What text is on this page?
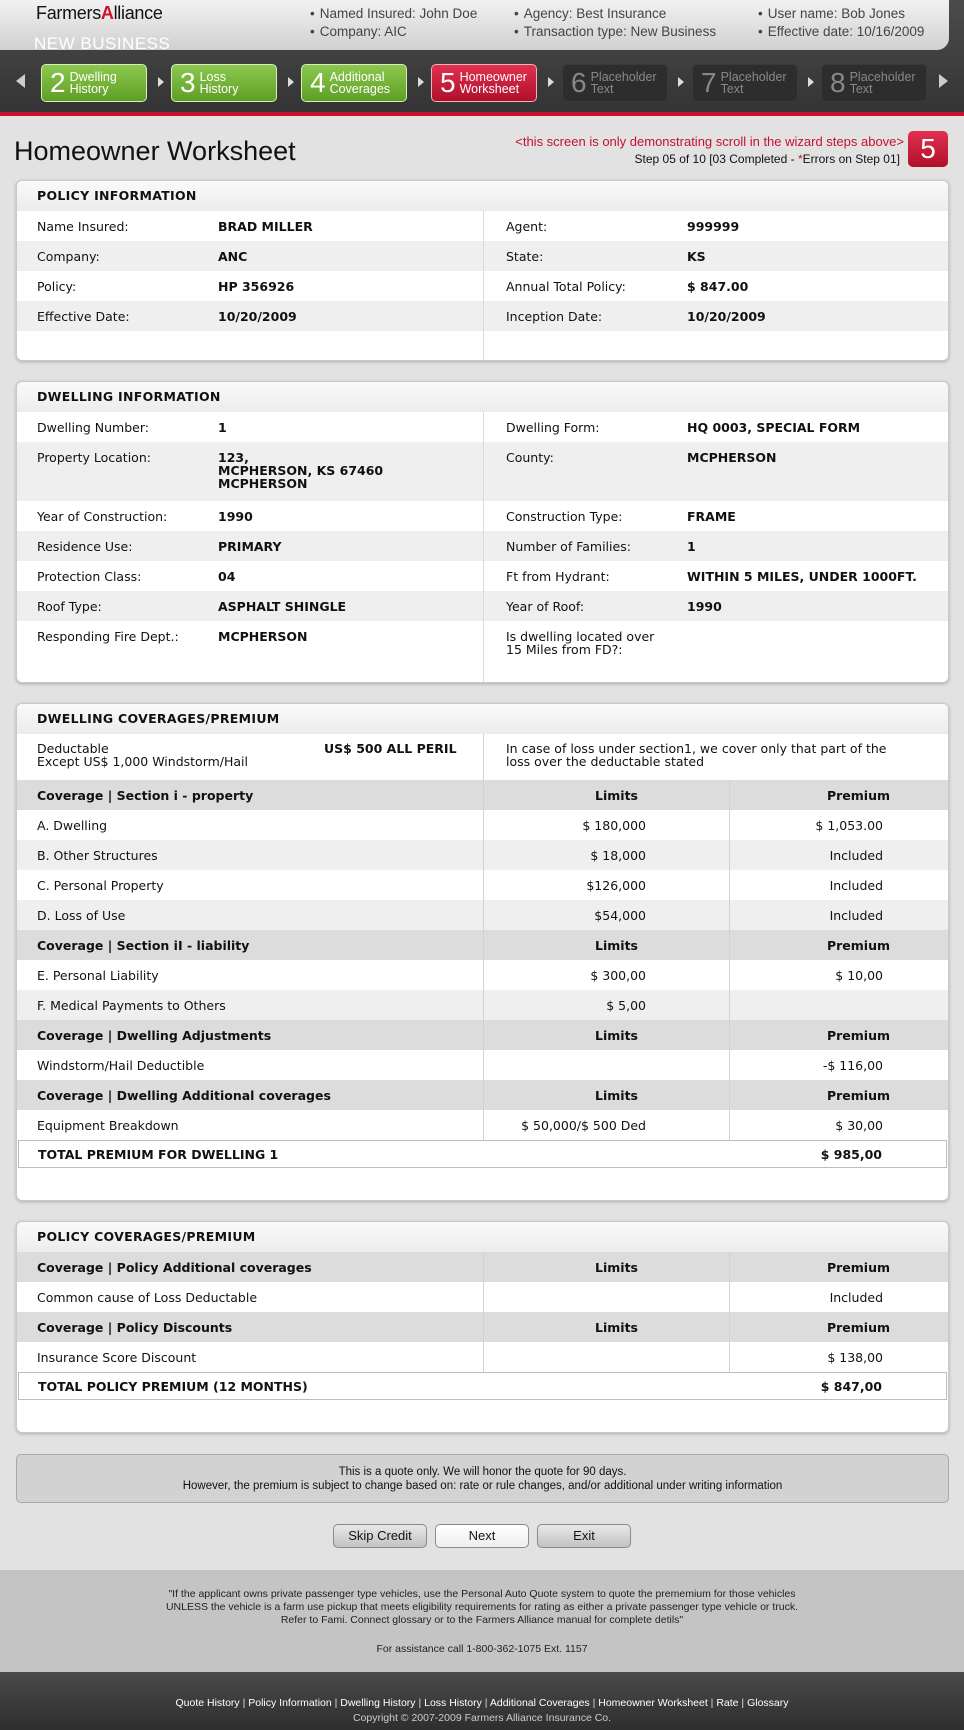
FarmersAlliance
•	Named Insured: John Doe
• Company: AIC
• Agency: Best Insurance
• Transaction type: New Business
• User name: Bob Jones
• Effective date: 10/16/2009
NEW BUSINESS
2 Dwelling
History	3 Loss
History	4 Additional
Coverages 5 Homeowner
Worksheet 6 Placeholder
Text	7 Placeholder
Text	8 Placeholder
Text
Homeowner Worksheet	<this screen is only demonstrating scroll in the wizard steps above>
Step 05 of 10 [03 Completed - *Errors on Step 01] 5
POLICY INFORMATION
Name Insured:	BRAD MILLER	Agent:	999999
Company:	ANC	State:	KS
Policy:	HP 356926	Annual Total Policy:	$ 847.00
Effective Date:	10/20/2009	Inception Date:	10/20/2009
DWELLING INFORMATION
Dwelling Number:	1	Dwelling Form:	HQ 0003, SPECIAL FORM
Property Location:	123,
MCPHERSON, KS 67460
MCPHERSON
County:	MCPHERSON
Year of Construction:	1990	Construction Type:	FRAME
Residence Use:	PRIMARY	Number of Families:	1
Protection Class:	04	Ft from Hydrant:	WITHIN 5 MILES, UNDER 1000FT.
Roof Type:	ASPHALT SHINGLE	Year of Roof:	1990
Responding Fire Dept.:	MCPHERSON	Is dwelling located over
15 Miles from FD?:
DWELLING COVERAGES/PREMIUM
Deductable
Except US$ 1,000 Windstorm/Hail
US$ 500 ALL PERIL	In case of loss under section1, we cover only that part of the
loss over the deductable stated
Coverage | Section i - property	Limits	Premium
A. Dwelling	$ 180,000	$ 1,053.00
B. Other Structures	$ 18,000	Included
C. Personal Property	$126,000	Included
D. Loss of Use	$54,000	Included
Coverage | Section iI - liability	Limits	Premium
E. Personal Liability	$ 300,00	$ 10,00
F. Medical Payments to Others	$ 5,00
Coverage | Dwelling Adjustments	Limits	Premium
Windstorm/Hail Deductible	-$ 116,00
Coverage | Dwelling Additional coverages	Limits	Premium
Equipment Breakdown	$ 50,000/$ 500 Ded	$ 30,00
TOTAL PREMIUM FOR DWELLING 1	$ 985,00
POLICY COVERAGES/PREMIUM
Coverage | Policy Additional coverages	Limits	Premium
Common cause of Loss Deductable	Included
Coverage | Policy Discounts	Limits	Premium
Insurance Score Discount	$ 138,00
TOTAL POLICY PREMIUM (12 MONTHS)	$ 847,00
This is a quote only. We will honor the quote for 90 days.
However, the premium is subject to change based on: rate or rule changes, and/or additional under writing information
Skip Credit	Next	Exit
"If the applicant owns private passenger type vehicles, use the Personal Auto Quote system to quote the prememium for those vehicles
UNLESS the vehicle is a farm use pickup that meets eligibility requirements for rating as either a private passenger type vehicle or truck.
Refer to Fami. Connect glossary or to the Farmers Alliance manual for complete detils"
For assistance call 1-800-362-1075 Ext. 1157
Quote History | Policy Information | Dwelling History | Loss History | Additional Coverages | Homeowner Worksheet | Rate | Glossary
Copyright © 2007-2009 Farmers Alliance Insurance Co.
